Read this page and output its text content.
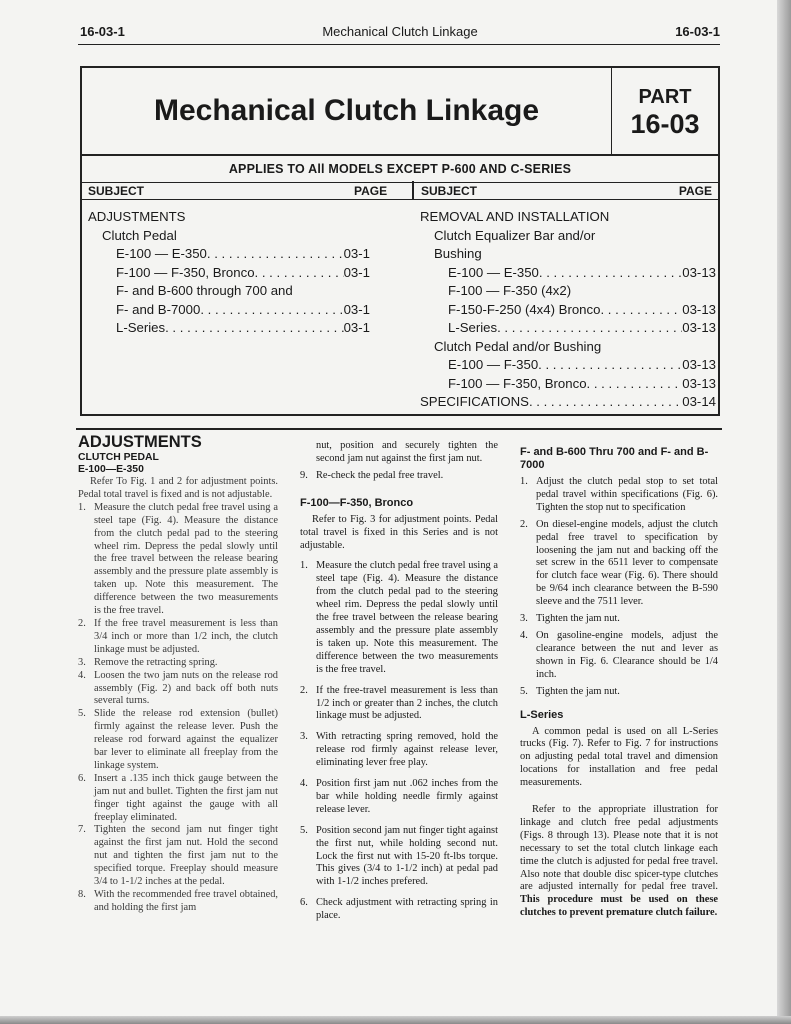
16-03-1	Mechanical Clutch Linkage	16-03-1
Mechanical Clutch Linkage	PART
16-03
APPLIES TO All MODELS EXCEPT P-600 AND C-SERIES
SUBJECT	PAGE	SUBJECT	PAGE
ADJUSTMENTS
Clutch Pedal
E-100 — E-350 . . .	03-1
F-100 — F-350, Bronco . . .	03-1
F- and B-600 through 700 and
F- and B-7000 . . .	03-1
L-Series . . .	03-1
REMOVAL AND INSTALLATION
Clutch Equalizer Bar and/or
Bushing
E-100 — E-350 . . .	03-13
F-100 — F-350 (4x2)
F-150-F-250 (4x4) Bronco . . .	03-13
L-Series . . .	03-13
Clutch Pedal and/or Bushing
E-100 — F-350 . . .	03-13
F-100 — F-350, Bronco . . .	03-13
SPECIFICATIONS . . .	03-14
ADJUSTMENTS
CLUTCH PEDAL
E-100—E-350

Refer To Fig. 1 and 2 for adjustment points. Pedal total travel is fixed and is not adjustable.

1. Measure the clutch pedal free travel using a steel tape (Fig. 4). Measure the distance from the clutch pedal pad to the steering wheel rim. Depress the pedal slowly until the free travel between the release bearing assembly and the pressure plate assembly is taken up. Note this measurement. The difference between the two measurements is the free travel.
2. If the free travel measurement is less than 3/4 inch or more than 1/2 inch, the clutch linkage must be adjusted.
3. Remove the retracting spring.
4. Loosen the two jam nuts on the release rod assembly (Fig. 2) and back off both nuts several turns.
5. Slide the release rod extension (bullet) firmly against the release lever. Push the release rod forward against the equalizer bar lever to eliminate all freeplay from the linkage system.
6. Insert a .135 inch thick gauge between the jam nut and bullet. Tighten the first jam nut finger tight against the gauge with all freeplay eliminated.
7. Tighten the second jam nut finger tight against the first jam nut. Hold the second nut and tighten the first jam nut to the specified torque. Freeplay should measure 3/4 to 1-1/2 inches at the pedal.
8. With the recommended free travel obtained, and holding the first jam

nut, position and securely tighten the second jam nut against the first jam nut.

9. Re-check the pedal free travel.
F-100—F-350, Bronco

Refer to Fig. 3 for adjustment points. Pedal total travel is fixed in this Series and is not adjustable.

1. Measure the clutch pedal free travel using a steel tape (Fig. 4). Measure the distance from the clutch pedal pad to the steering wheel rim. Depress the pedal slowly until the free travel between the release bearing assembly and the pressure plate assembly is taken up. Note this measurement. The difference between the two measurements is the free travel.
2. If the free-travel measurement is less than 1/2 inch or greater than 2 inches, the clutch linkage must be adjusted.
3. With retracting spring removed, hold the release rod firmly against release lever, eliminating lever free play.
4. Position first jam nut .062 inches from the bar while holding needle firmly against release lever.
5. Position second jam nut finger tight against the first nut, while holding second nut. Lock the first nut with 15-20 ft-lbs torque. This gives (3/4 to 1-1/2 inch) at pedal pad with 1-1/2 inches prefered.
6. Check adjustment with retracting spring in place.
F- and B-600 Thru 700 and F- and B-7000
1. Adjust the clutch pedal stop to set total pedal travel within specifications (Fig. 6). Tighten the stop nut to specification
2. On diesel-engine models, adjust the clutch pedal free travel to specification by loosening the jam nut and backing off the set screw in the 6511 lever to compensate for clutch face wear (Fig. 6). There should be 9/64 inch clearance between the B-590 sleeve and the 7511 lever.
3. Tighten the jam nut.
4. On gasoline-engine models, adjust the clearance between the nut and lever as shown in Fig. 6. Clearance should be 1/4 inch.
5. Tighten the jam nut.
L-Series

A common pedal is used on all L-Series trucks (Fig. 7). Refer to Fig. 7 for instructions on adjusting pedal total travel and dimension locations for installation and free pedal measurements.

Refer to the appropriate illustration for linkage and clutch free pedal adjustments (Figs. 8 through 13). Please note that it is not necessary to set the total clutch linkage each time the clutch is adjusted for pedal free travel. Also note that double disc spicer-type clutches are adjusted internally for pedal free travel. This procedure must be used on these clutches to prevent premature clutch failure.
